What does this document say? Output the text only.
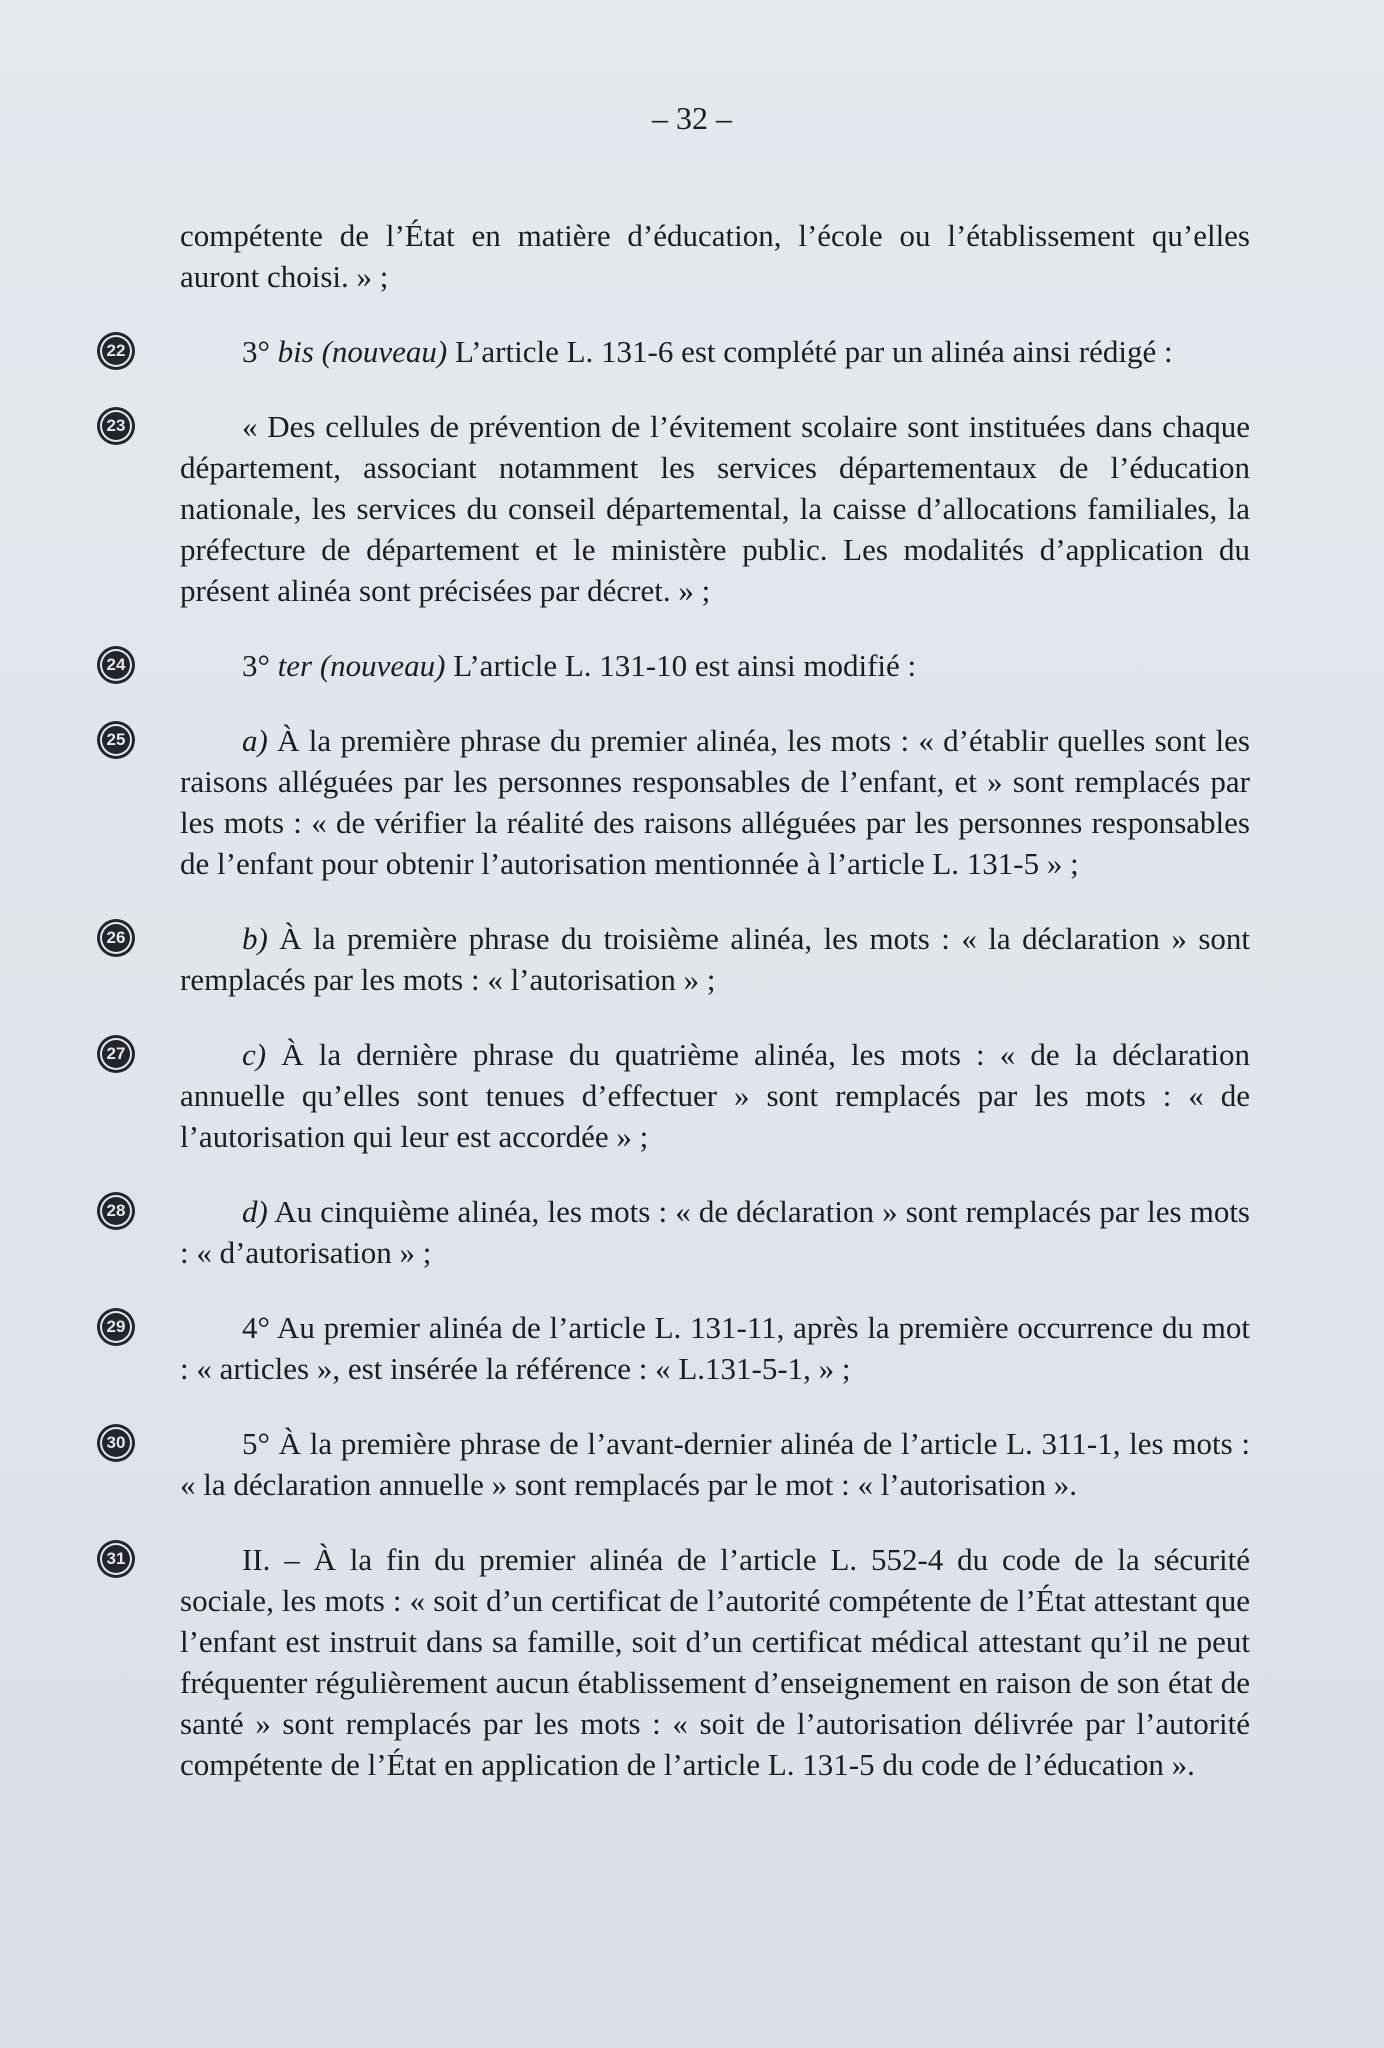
– 32 –

compétente de l’État en matière d’éducation, l’école ou l’établissement qu’elles auront choisi. » ;

22	3° bis (nouveau) L’article L. 131-6 est complété par un alinéa ainsi rédigé :

23	« Des cellules de prévention de l’évitement scolaire sont instituées dans chaque département, associant notamment les services départementaux de l’éducation nationale, les services du conseil départemental, la caisse d’allocations familiales, la préfecture de département et le ministère public. Les modalités d’application du présent alinéa sont précisées par décret. » ;

24	3° ter (nouveau) L’article L. 131-10 est ainsi modifié :

25	a) À la première phrase du premier alinéa, les mots : « d’établir quelles sont les raisons alléguées par les personnes responsables de l’enfant, et » sont remplacés par les mots : « de vérifier la réalité des raisons alléguées par les personnes responsables de l’enfant pour obtenir l’autorisation mentionnée à l’article L. 131-5 » ;

26	b) À la première phrase du troisième alinéa, les mots : « la déclaration » sont remplacés par les mots : « l’autorisation » ;

27	c) À la dernière phrase du quatrième alinéa, les mots : « de la déclaration annuelle qu’elles sont tenues d’effectuer » sont remplacés par les mots : « de l’autorisation qui leur est accordée » ;

28	d) Au cinquième alinéa, les mots : « de déclaration » sont remplacés par les mots : « d’autorisation » ;

29	4° Au premier alinéa de l’article L. 131-11, après la première occurrence du mot : « articles », est insérée la référence : « L.131-5-1, » ;

30	5° À la première phrase de l’avant-dernier alinéa de l’article L. 311-1, les mots : « la déclaration annuelle » sont remplacés par le mot : « l’autorisation ».

31	II. – À la fin du premier alinéa de l’article L. 552-4 du code de la sécurité sociale, les mots : « soit d’un certificat de l’autorité compétente de l’État attestant que l’enfant est instruit dans sa famille, soit d’un certificat médical attestant qu’il ne peut fréquenter régulièrement aucun établissement d’enseignement en raison de son état de santé » sont remplacés par les mots : « soit de l’autorisation délivrée par l’autorité compétente de l’État en application de l’article L. 131-5 du code de l’éducation ».
